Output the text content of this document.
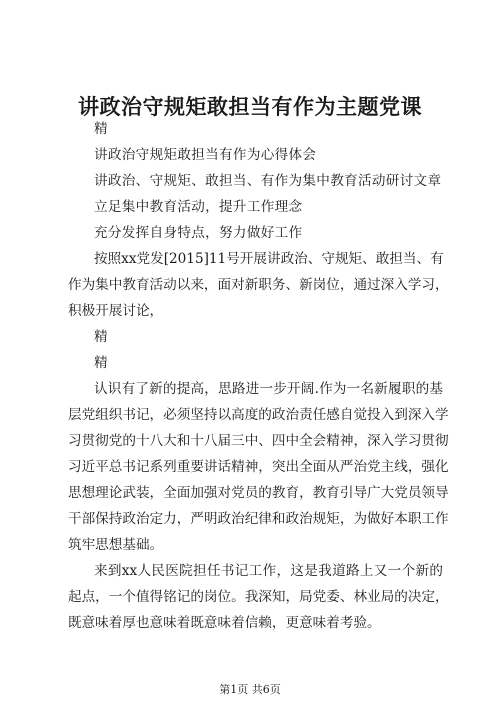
讲政治守规矩敢担当有作为主题党课
精
讲政治守规矩敢担当有作为心得体会
讲政治、守规矩、敢担当、有作为集中教育活动研讨文章
立足集中教育活动，提升工作理念
充分发挥自身特点，努力做好工作
按照xx党发[2015]11号开展讲政治、守规矩、敢担当、有
作为集中教育活动以来，面对新职务、新岗位，通过深入学习，
积极开展讨论，
精
精
认识有了新的提高，思路进一步开阔.作为一名新履职的基
层党组织书记，必须坚持以高度的政治责任感自觉投入到深入学
习贯彻党的十八大和十八届三中、四中全会精神，深入学习贯彻
习近平总书记系列重要讲话精神，突出全面从严治党主线，强化
思想理论武装，全面加强对党员的教育，教育引导广大党员领导
干部保持政治定力，严明政治纪律和政治规矩，为做好本职工作
筑牢思想基础。
来到xx人民医院担任书记工作，这是我道路上又一个新的
起点，一个值得铭记的岗位。我深知，局党委、林业局的决定，
既意味着厚也意味着既意味着信赖，更意味着考验。
第1页 共6页
